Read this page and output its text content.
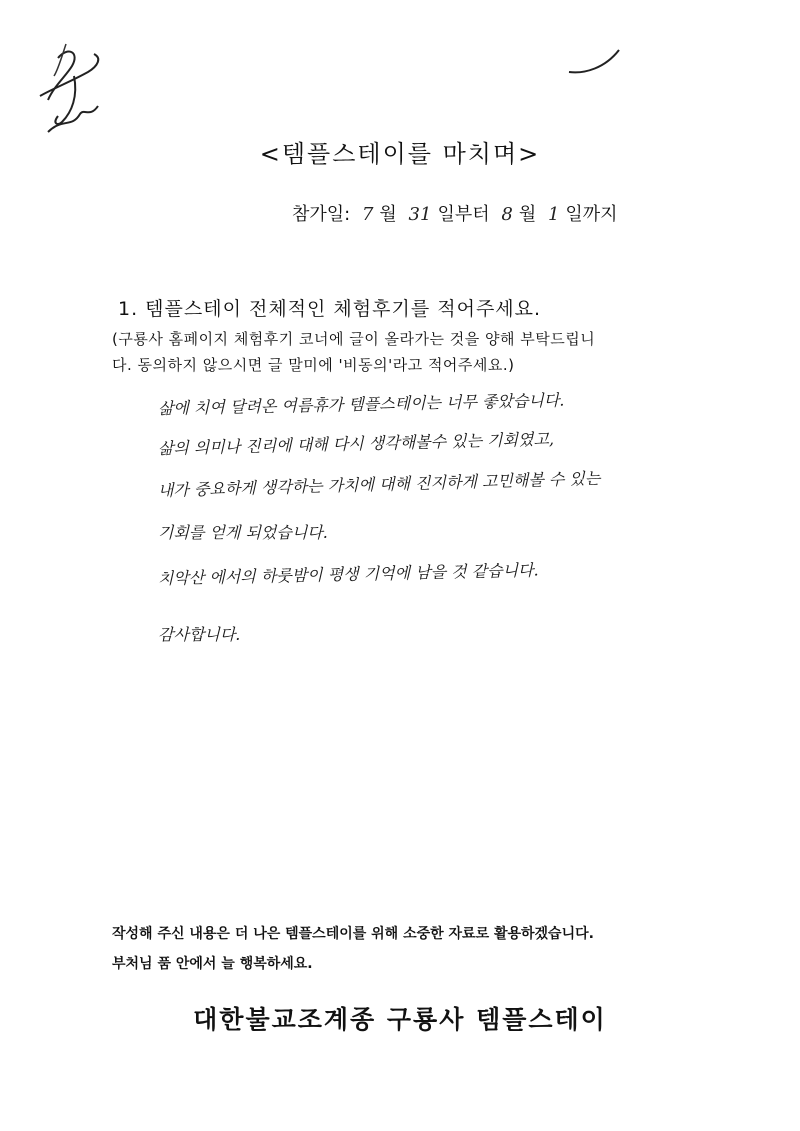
<템플스테이를 마치며>
참가일: 7 월 31 일부터 8 월 1 일까지
1. 템플스테이 전체적인 체험후기를 적어주세요.
(구룡사 홈페이지 체험후기 코너에 글이 올라가는 것을 양해 부탁드립니
다. 동의하지 않으시면 글 말미에 '비동의'라고 적어주세요.)
삶에 치여 달려온 여름휴가 템플스테이는 너무 좋았습니다.
삶의 의미나 진리에 대해 다시 생각해볼수 있는 기회였고,
내가 중요하게 생각하는 가치에 대해 진지하게 고민해볼 수 있는
기회를 얻게 되었습니다.
치악산 에서의 하룻밤이 평생 기억에 남을 것 같습니다.
감사합니다.
작성해 주신 내용은 더 나은 템플스테이를 위해 소중한 자료로 활용하겠습니다.
부처님 품 안에서 늘 행복하세요.
대한불교조계종 구룡사 템플스테이
